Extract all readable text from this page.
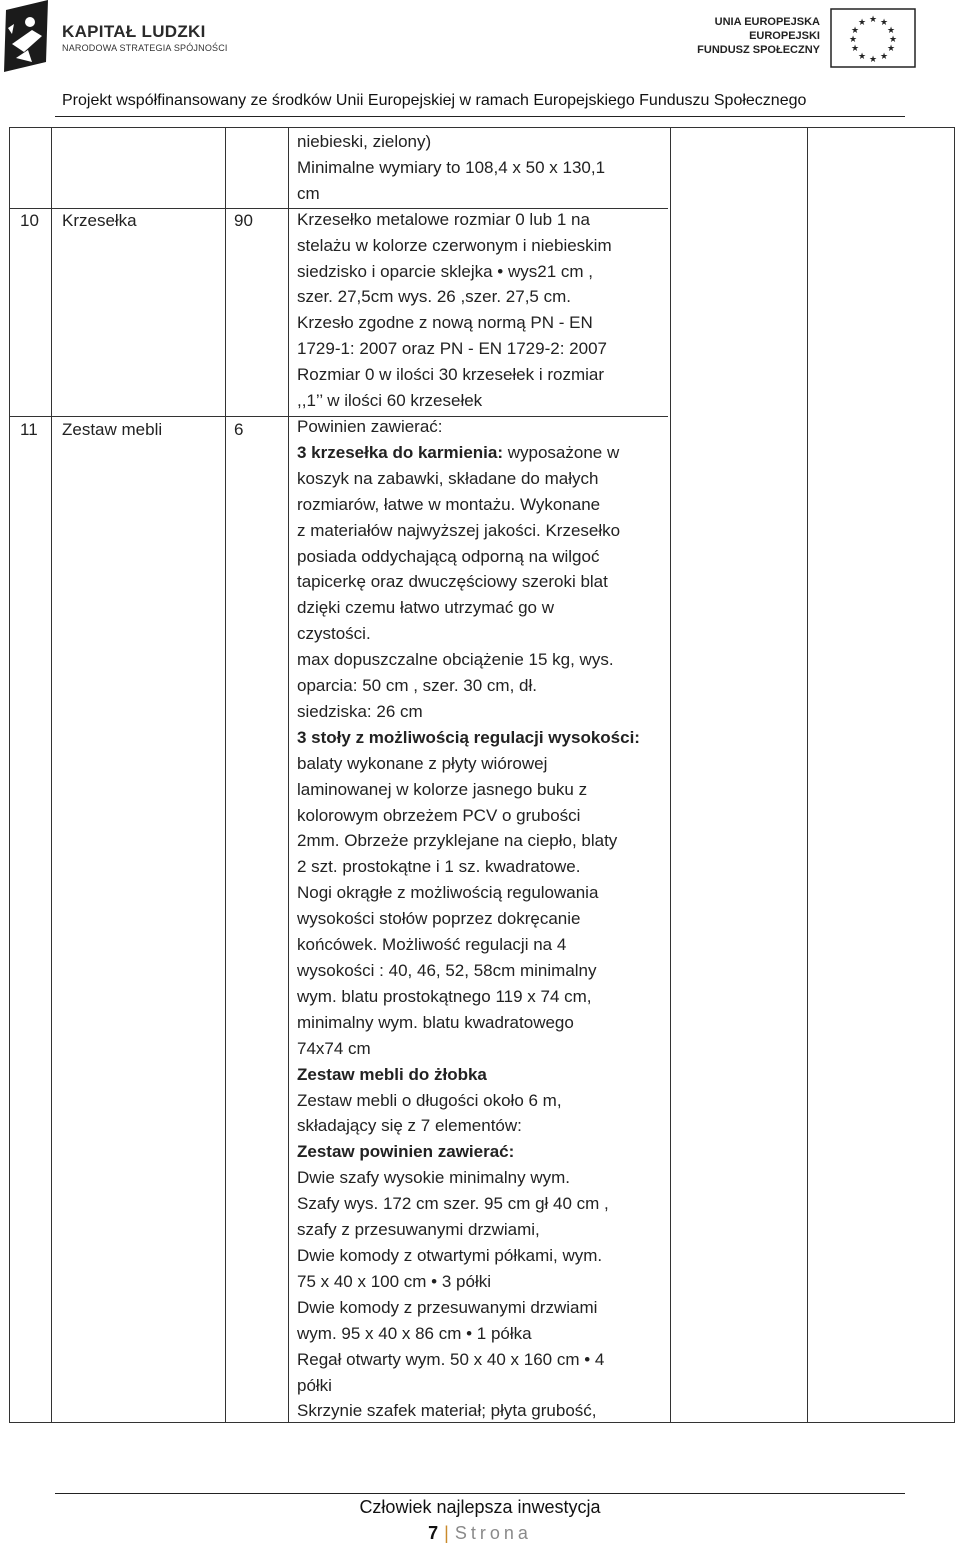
KAPITAŁ LUDZKI
NARODOWA STRATEGIA SPÓJNOŚCI
UNIA EUROPEJSKA
EUROPEJSKI
FUNDUSZ SPOŁECZNY
★ ★
★
★
★
★
★
★
★
★
★
★
Projekt współfinansowany ze środków Unii Europejskiej w ramach Europejskiego Funduszu Społecznego
10 Krzesełka	90
11 Zestaw mebli	6
niebieski, zielony)
Minimalne wymiary to 108,4 x 50 x 130,1
cm
Krzesełko metalowe rozmiar 0 lub 1 na
stelażu w kolorze czerwonym i niebieskim
siedzisko i oparcie sklejka • wys21 cm ,
szer. 27,5cm wys. 26 ,szer. 27,5 cm.
Krzesło zgodne z nową normą PN - EN
1729-1: 2007 oraz PN - EN 1729-2: 2007
Rozmiar 0 w ilości 30 krzesełek i rozmiar
,,1’’ w ilości 60 krzesełek
Powinien zawierać:
3 krzesełka do karmienia: wyposażone w
koszyk na zabawki, składane do małych
rozmiarów, łatwe w montażu. Wykonane
z materiałów najwyższej jakości. Krzesełko
posiada oddychającą odporną na wilgoć
tapicerkę oraz dwuczęściowy szeroki blat
dzięki czemu łatwo utrzymać go w
czystości.
max dopuszczalne obciążenie 15 kg, wys.
oparcia: 50 cm , szer. 30 cm, dł.
siedziska: 26 cm
3 stoły z możliwością regulacji wysokości:
balaty wykonane z płyty wiórowej
laminowanej w kolorze jasnego buku z
kolorowym obrzeżem PCV o grubości
2mm. Obrzeże przyklejane na ciepło, blaty
2 szt. prostokątne i 1 sz. kwadratowe.
Nogi okrągłe z możliwością regulowania
wysokości stołów poprzez dokręcanie
końcówek. Możliwość regulacji na 4
wysokości : 40, 46, 52, 58cm minimalny
wym. blatu prostokątnego 119 x 74 cm,
minimalny wym. blatu kwadratowego
74x74 cm
Zestaw mebli do żłobka
Zestaw mebli o długości około 6 m,
składający się z 7 elementów:
Zestaw powinien zawierać:
Dwie szafy wysokie minimalny wym.
Szafy wys. 172 cm szer. 95 cm gł 40 cm ,
szafy z przesuwanymi drzwiami,
Dwie komody z otwartymi półkami, wym.
75 x 40 x 100 cm • 3 półki
Dwie komody z przesuwanymi drzwiami
wym. 95 x 40 x 86 cm • 1 półka
Regał otwarty wym. 50 x 40 x 160 cm • 4
półki
Skrzynie szafek materiał; płyta grubość,
Człowiek najlepsza inwestycja
7 | Strona
